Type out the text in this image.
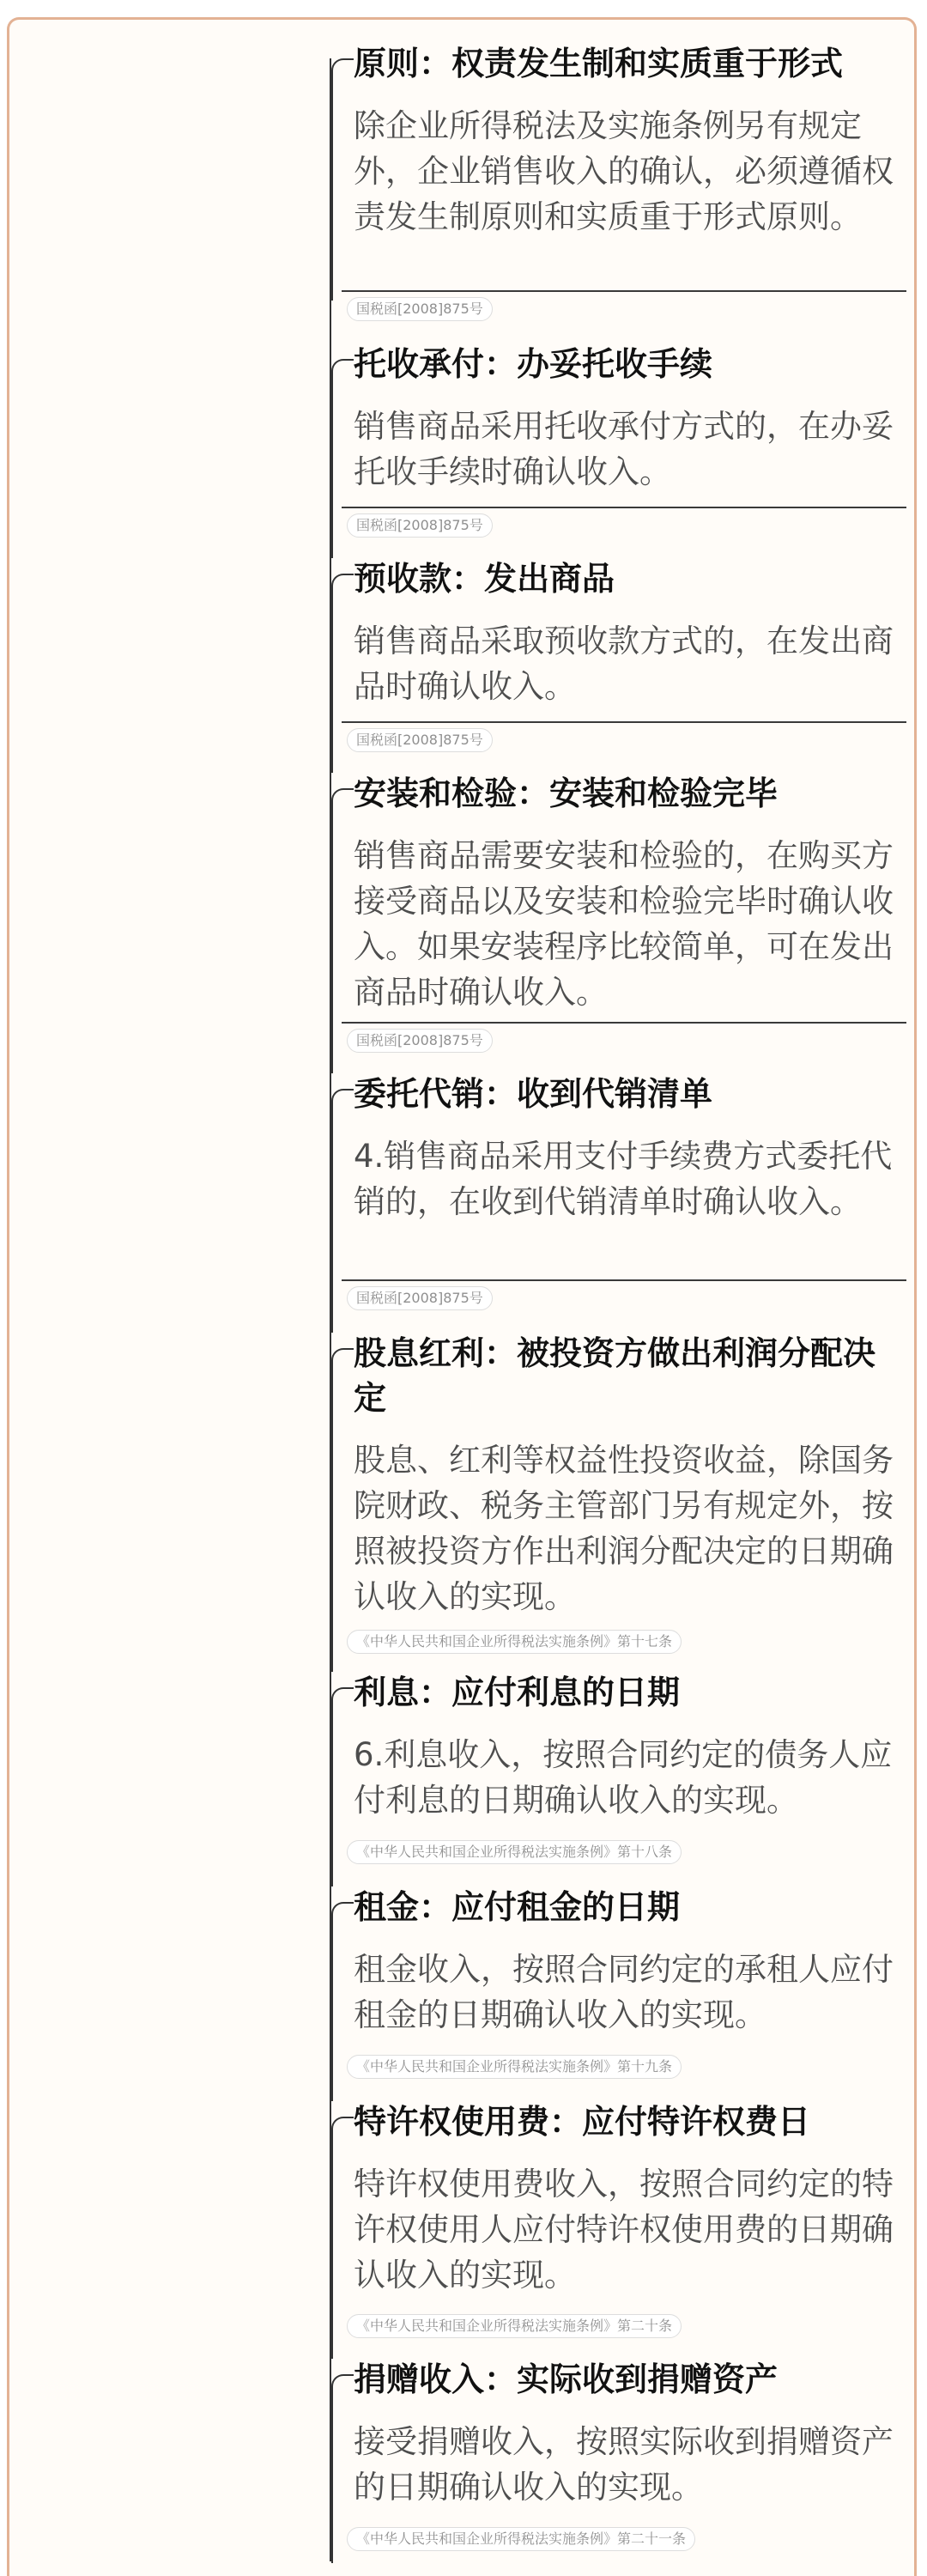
原则：权责发生制和实质重于形式
除企业所得税法及实施条例另有规定外，企业销售收入的确认，必须遵循权责发生制原则和实质重于形式原则。
国税函[2008]875号
托收承付：办妥托收手续
销售商品采用托收承付方式的，在办妥托收手续时确认收入。
国税函[2008]875号
预收款：发出商品
销售商品采取预收款方式的，在发出商品时确认收入。
国税函[2008]875号
安装和检验：安装和检验完毕
销售商品需要安装和检验的，在购买方接受商品以及安装和检验完毕时确认收入。如果安装程序比较简单，可在发出商品时确认收入。
国税函[2008]875号
委托代销：收到代销清单
4.销售商品采用支付手续费方式委托代销的，在收到代销清单时确认收入。
国税函[2008]875号
股息红利：被投资方做出利润分配决定
股息、红利等权益性投资收益，除国务院财政、税务主管部门另有规定外，按照被投资方作出利润分配决定的日期确认收入的实现。
《中华人民共和国企业所得税法实施条例》第十七条
利息：应付利息的日期
6.利息收入，按照合同约定的债务人应付利息的日期确认收入的实现。
《中华人民共和国企业所得税法实施条例》第十八条
租金：应付租金的日期
租金收入，按照合同约定的承租人应付租金的日期确认收入的实现。
《中华人民共和国企业所得税法实施条例》第十九条
特许权使用费：应付特许权费日
特许权使用费收入，按照合同约定的特许权使用人应付特许权使用费的日期确认收入的实现。
《中华人民共和国企业所得税法实施条例》第二十条
捐赠收入：实际收到捐赠资产
接受捐赠收入，按照实际收到捐赠资产的日期确认收入的实现。
《中华人民共和国企业所得税法实施条例》第二十一条
